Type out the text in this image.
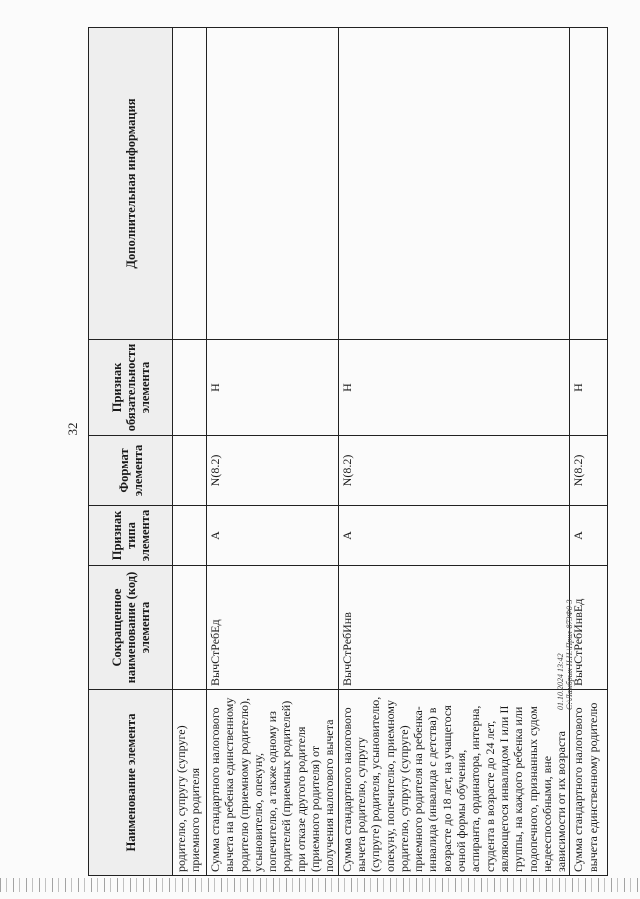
32
Наименование элемента	Сокращенное наименование (код) элемента	Признак типа элемента	Формат элемента	Признак обязательности элемента	Дополнительная информация
родителю, супругу (супруге) приемного родителя					
Сумма стандартного налогового вычета на ребенка единственному родителю (приемному родителю), усыновителю, опекуну, попечителю, а также одному из родителей (приемных родителей) при отказе другого родителя (приемного родителя) от получения налогового вычета	ВычСтРебЕд	А	N(8.2)	Н	
Сумма стандартного налогового вычета родителю, супругу (супруге) родителя, усыновителю, опекуну, попечителю, приемному родителю, супругу (супруге) приемного родителя на ребенка-инвалида (инвалида с детства) в возрасте до 18 лет, на учащегося очной формы обучения, аспиранта, ординатора, интерна, студента в возрасте до 24 лет, являющегося инвалидом I или II группы, на каждого ребенка или подопечного, признанных судом недееспособными, вне зависимости от их возраста	ВычСтРебИнв	А	N(8.2)	Н	
Сумма стандартного налогового вычета единственному родителю	ВычСтРебИнвЕд	А	N(8.2)	Н	
01.10.2024 13:42 С:\Ламбрых Н.Н.\Прил-873Ф0-3
